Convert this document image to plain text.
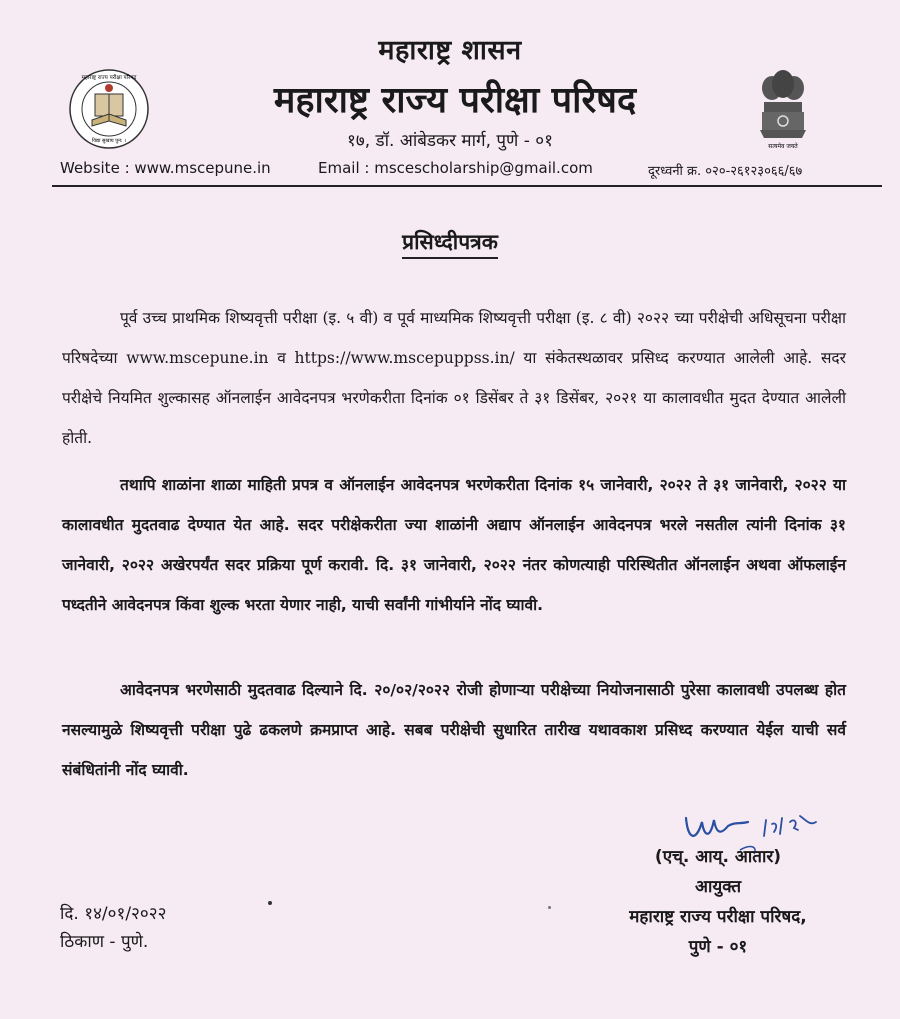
महाराष्ट्र राज्य परीक्षा परिषद
विद्या सुखाय पुन: ।
महाराष्ट्र शासन
महाराष्ट्र राज्य परीक्षा परिषद
१७, डॉ. आंबेडकर मार्ग, पुणे - ०१	सत्यमेव जयते
Website : www.mscepune.in	Email : mscescholarship@gmail.com	दूरध्वनी क्र. ०२०-२६१२३०६६/६७
प्रसिध्दीपत्रक

पूर्व उच्च प्राथमिक शिष्यवृत्ती परीक्षा (इ. ५ वी) व पूर्व माध्यमिक शिष्यवृत्ती परीक्षा (इ. ८ वी) २०२२ च्या परीक्षेची अधिसूचना परीक्षा परिषदेच्या www.mscepune.in व https://www.mscepuppss.in/ या संकेतस्थळावर प्रसिध्द करण्यात आलेली आहे. सदर परीक्षेचे नियमित शुल्कासह ऑनलाईन आवेदनपत्र भरणेकरीता दिनांक ०१ डिसेंबर ते ३१ डिसेंबर, २०२१ या कालावधीत मुदत देण्यात आलेली होती.

तथापि शाळांना शाळा माहिती प्रपत्र व ऑनलाईन आवेदनपत्र भरणेकरीता दिनांक १५ जानेवारी, २०२२ ते ३१ जानेवारी, २०२२ या कालावधीत मुदतवाढ देण्यात येत आहे. सदर परीक्षेकरीता ज्या शाळांनी अद्याप ऑनलाईन आवेदनपत्र भरले नसतील त्यांनी दिनांक ३१ जानेवारी, २०२२ अखेरपर्यंत सदर प्रक्रिया पूर्ण करावी. दि. ३१ जानेवारी, २०२२ नंतर कोणत्याही परिस्थितीत ऑनलाईन अथवा ऑफलाईन पध्दतीने आवेदनपत्र किंवा शुल्क भरता येणार नाही, याची सर्वांनी गांभीर्याने नोंद घ्यावी.

आवेदनपत्र भरणेसाठी मुदतवाढ दिल्याने दि. २०/०२/२०२२ रोजी होणाऱ्या परीक्षेच्या नियोजनासाठी पुरेसा कालावधी उपलब्ध होत नसल्यामुळे शिष्यवृत्ती परीक्षा पुढे ढकलणे क्रमप्राप्त आहे. सबब परीक्षेची सुधारित तारीख यथावकाश प्रसिध्द करण्यात येईल याची सर्व संबंधितांनी नोंद घ्यावी.

(एच्. आय्. आतार)
आयुक्त
महाराष्ट्र राज्य परीक्षा परिषद,
पुणे - ०१
दि. १४/०१/२०२२
ठिकाण - पुणे.
